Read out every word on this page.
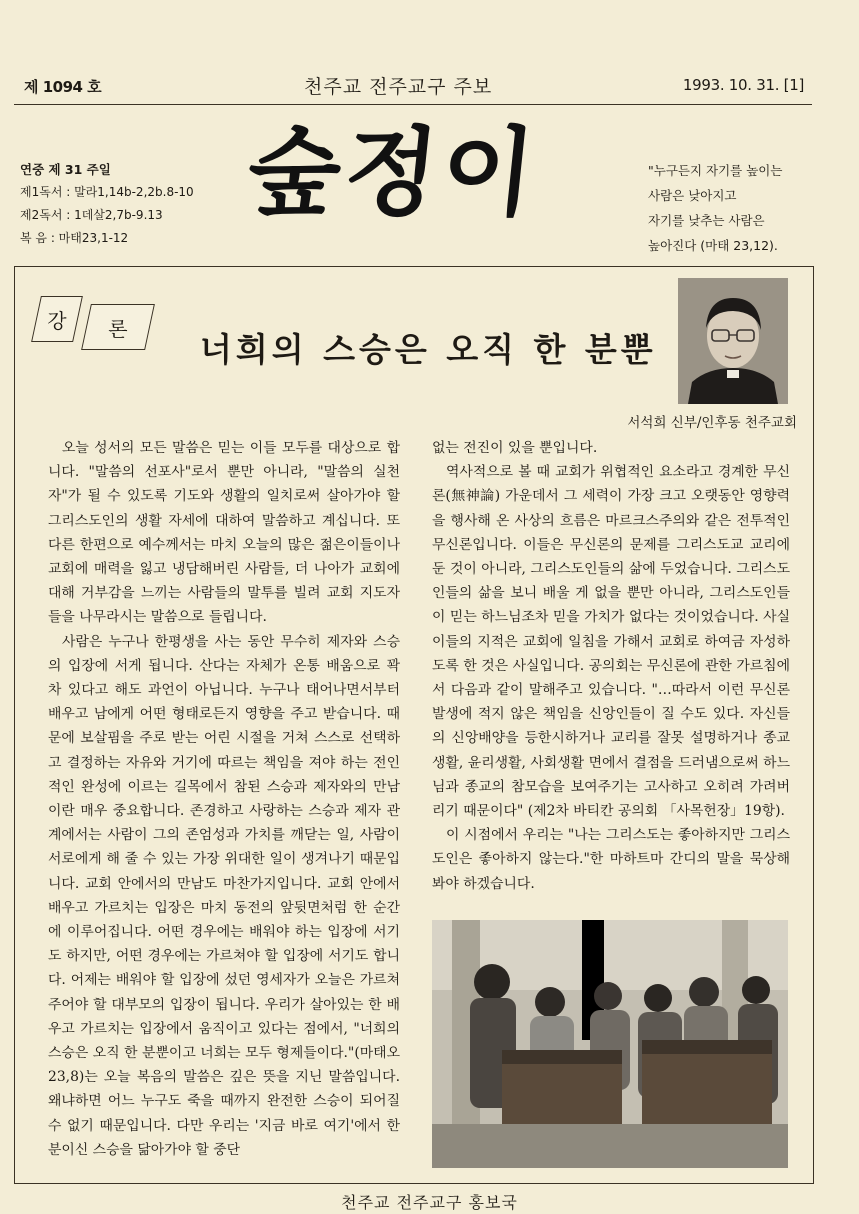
제 1094 호	천주교 전주교구 주보	1993. 10. 31. [1]
연중 제 31 주일
제1독서 : 말라1,14b-2,2b.8-10
제2독서 : 1데살2,7b-9.13
복 음 : 마태23,1-12
숲정이	"누구든지 자기를 높이는
사람은 낮아지고
자기를 낮추는 사람은
높아진다 (마태 23,12).
강	론
너희의 스승은 오직 한 분뿐
서석희 신부/인후동 천주교회

오늘 성서의 모든 말씀은 믿는 이들 모두를 대상으로 합니다. "말씀의 선포사"로서 뿐만 아니라, "말씀의 실천자"가 될 수 있도록 기도와 생활의 일치로써 살아가야 할 그리스도인의 생활 자세에 대하여 말씀하고 계십니다. 또 다른 한편으로 예수께서는 마치 오늘의 많은 젊은이들이나 교회에 매력을 잃고 냉담해버린 사람들, 더 나아가 교회에 대해 거부감을 느끼는 사람들의 말투를 빌려 교회 지도자들을 나무라시는 말씀으로 들립니다.

사람은 누구나 한평생을 사는 동안 무수히 제자와 스승의 입장에 서게 됩니다. 산다는 자체가 온통 배움으로 꽉 차 있다고 해도 과언이 아닙니다. 누구나 태어나면서부터 배우고 남에게 어떤 형태로든지 영향을 주고 받습니다. 때문에 보살핌을 주로 받는 어린 시절을 거쳐 스스로 선택하고 결정하는 자유와 거기에 따르는 책임을 져야 하는 전인적인 완성에 이르는 길목에서 참된 스승과 제자와의 만남이란 매우 중요합니다. 존경하고 사랑하는 스승과 제자 관계에서는 사람이 그의 존엄성과 가치를 깨닫는 일, 사람이 서로에게 해 줄 수 있는 가장 위대한 일이 생겨나기 때문입니다. 교회 안에서의 만남도 마찬가지입니다. 교회 안에서 배우고 가르치는 입장은 마치 동전의 앞뒷면처럼 한 순간에 이루어집니다. 어떤 경우에는 배워야 하는 입장에 서기도 하지만, 어떤 경우에는 가르쳐야 할 입장에 서기도 합니다. 어제는 배워야 할 입장에 섰던 영세자가 오늘은 가르쳐 주어야 할 대부모의 입장이 됩니다. 우리가 살아있는 한 배우고 가르치는 입장에서 움직이고 있다는 점에서, "너희의 스승은 오직 한 분뿐이고 너희는 모두 형제들이다."(마태오 23,8)는 오늘 복음의 말씀은 깊은 뜻을 지닌 말씀입니다. 왜냐하면 어느 누구도 죽을 때까지 완전한 스승이 되어질 수 없기 때문입니다. 다만 우리는 '지금 바로 여기'에서 한 분이신 스승을 닮아가야 할 중단

없는 전진이 있을 뿐입니다.

역사적으로 볼 때 교회가 위협적인 요소라고 경계한 무신론(無神論) 가운데서 그 세력이 가장 크고 오랫동안 영향력을 행사해 온 사상의 흐름은 마르크스주의와 같은 전투적인 무신론입니다. 이들은 무신론의 문제를 그리스도교 교리에 둔 것이 아니라, 그리스도인들의 삶에 두었습니다. 그리스도인들의 삶을 보니 배울 게 없을 뿐만 아니라, 그리스도인들이 믿는 하느님조차 믿을 가치가 없다는 것이었습니다. 사실 이들의 지적은 교회에 일침을 가해서 교회로 하여금 자성하도록 한 것은 사실입니다. 공의회는 무신론에 관한 가르침에서 다음과 같이 말해주고 있습니다. "…따라서 이런 무신론 발생에 적지 않은 책임을 신앙인들이 질 수도 있다. 자신들의 신앙배양을 등한시하거나 교리를 잘못 설명하거나 종교생활, 윤리생활, 사회생활 면에서 결점을 드러냄으로써 하느님과 종교의 참모습을 보여주기는 고사하고 오히려 가려버리기 때문이다" (제2차 바티칸 공의회 「사목헌장」19항).

이 시점에서 우리는 "나는 그리스도는 좋아하지만 그리스도인은 좋아하지 않는다."한 마하트마 간디의 말을 묵상해봐야 하겠습니다.

천주교 전주교구 홍보국
